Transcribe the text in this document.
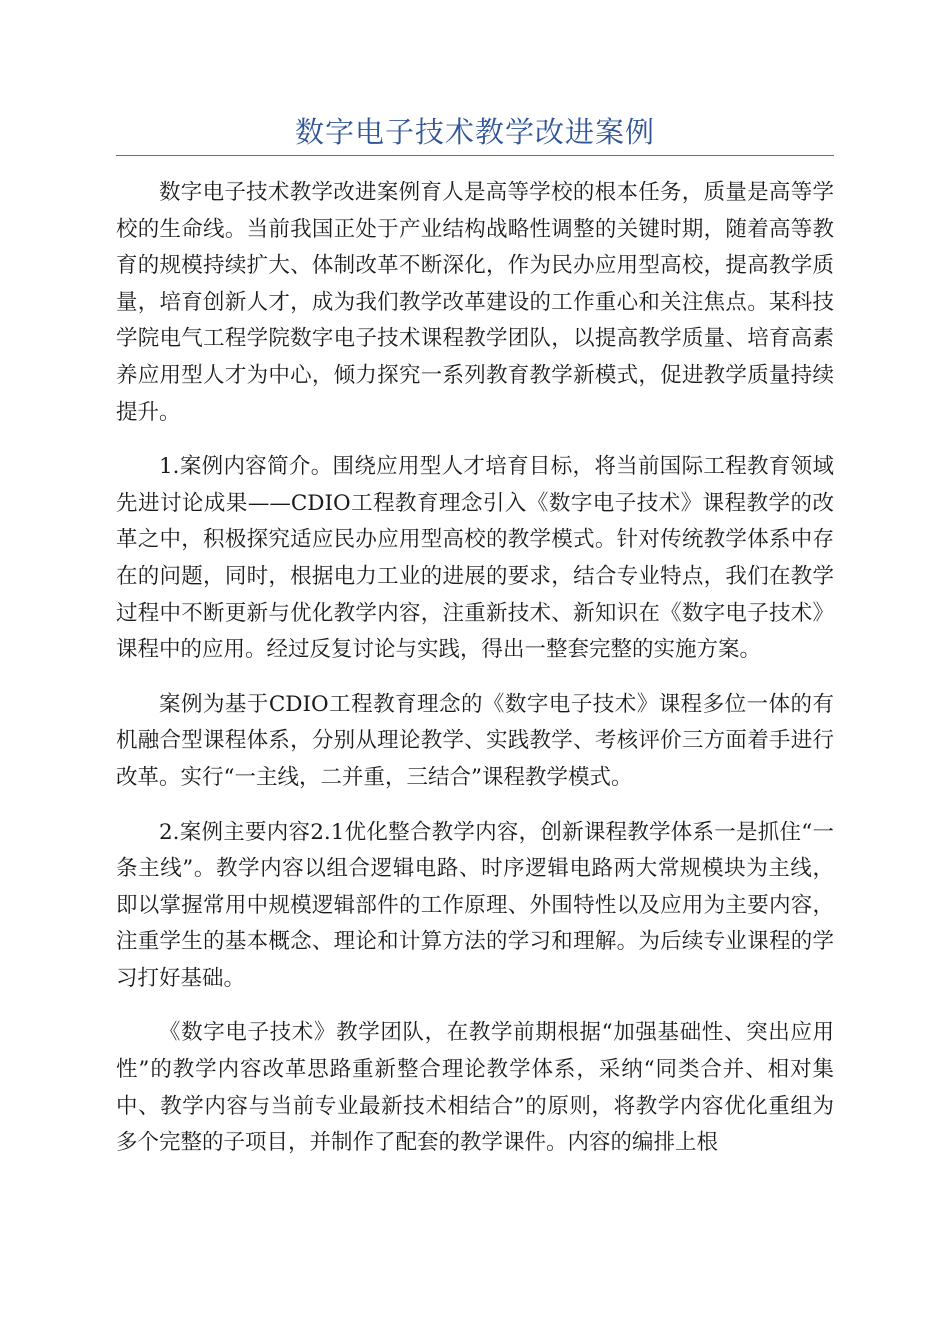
数字电子技术教学改进案例

数字电子技术教学改进案例育人是高等学校的根本任务，质量是高等学校的生命线。当前我国正处于产业结构战略性调整的关键时期，随着高等教育的规模持续扩大、体制改革不断深化，作为民办应用型高校，提高教学质量，培育创新人才，成为我们教学改革建设的工作重心和关注焦点。某科技学院电气工程学院数字电子技术课程教学团队，以提高教学质量、培育高素养应用型人才为中心，倾力探究一系列教育教学新模式，促进教学质量持续提升。

1.案例内容简介。围绕应用型人才培育目标，将当前国际工程教育领域先进讨论成果——CDIO工程教育理念引入《数字电子技术》课程教学的改革之中，积极探究适应民办应用型高校的教学模式。针对传统教学体系中存在的问题，同时，根据电力工业的进展的要求，结合专业特点，我们在教学过程中不断更新与优化教学内容，注重新技术、新知识在《数字电子技术》课程中的应用。经过反复讨论与实践，得出一整套完整的实施方案。

案例为基于CDIO工程教育理念的《数字电子技术》课程多位一体的有机融合型课程体系，分别从理论教学、实践教学、考核评价三方面着手进行改革。实行“一主线，二并重，三结合”课程教学模式。

2.案例主要内容2.1优化整合教学内容，创新课程教学体系一是抓住“一条主线”。教学内容以组合逻辑电路、时序逻辑电路两大常规模块为主线，即以掌握常用中规模逻辑部件的工作原理、外围特性以及应用为主要内容，注重学生的基本概念、理论和计算方法的学习和理解。为后续专业课程的学习打好基础。

《数字电子技术》教学团队，在教学前期根据“加强基础性、突出应用性”的教学内容改革思路重新整合理论教学体系，采纳“同类合并、相对集中、教学内容与当前专业最新技术相结合”的原则，将教学内容优化重组为多个完整的子项目，并制作了配套的教学课件。内容的编排上根
